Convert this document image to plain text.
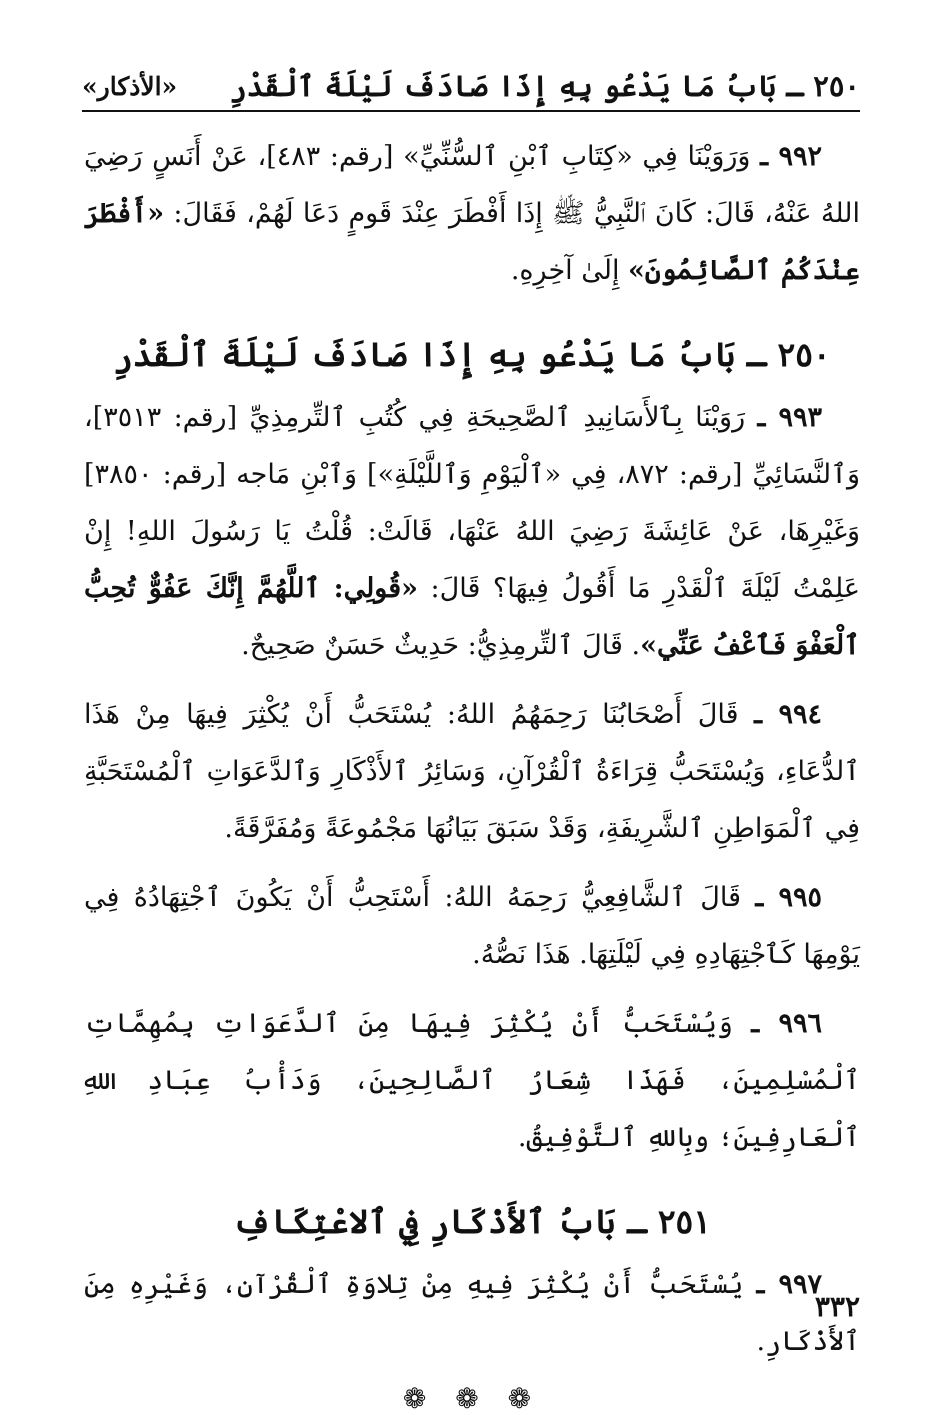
٢٥٠ ـ بَابُ مَا يَدْعُو بِهِ إِذَا صَادَفَ لَيْلَةَ ٱلْقَدْرِ
«الأذكار»

٩٩٢ ـ وَرَوَيْنَا فِي «كِتَابِ ٱبْنِ ٱلسُّنِّيِّ» [رقم: ٤٨٣]، عَنْ أَنَسٍ رَضِيَ اللهُ عَنْهُ، قَالَ: كَانَ ٱلنَّبِيُّ ﷺ إِذَا أَفْطَرَ عِنْدَ قَومٍ دَعَا لَهُمْ، فَقَالَ: «أَفْطَرَ عِنْدَكُمُ ٱلصَّائِمُونَ» إِلَىٰ آخِرِهِ.

٢٥٠ ـ بَابُ مَا يَدْعُو بِهِ إِذَا صَادَفَ لَيْلَةَ ٱلْقَدْرِ

٩٩٣ ـ رَوَيْنَا بِٱلأَسَانِيدِ ٱلصَّحِيحَةِ فِي كُتُبِ ٱلتِّرمِذِيِّ [رقم: ٣٥١٣]، وَٱلنَّسَائِيِّ [رقم: ٨٧٢، فِي «ٱلْيَوْمِ وَٱللَّيْلَةِ»] وَٱبْنِ مَاجه [رقم: ٣٨٥٠] وَغَيْرِهَا، عَنْ عَائِشَةَ رَضِيَ اللهُ عَنْهَا، قَالَتْ: قُلْتُ يَا رَسُولَ اللهِ! إِنْ عَلِمْتُ لَيْلَةَ ٱلْقَدْرِ مَا أَقُولُ فِيهَا؟ قَالَ: «قُولِي: ٱللَّهُمَّ إِنَّكَ عَفُوٌّ تُحِبُّ ٱلْعَفْوَ فَٱعْفُ عَنِّي». قَالَ ٱلتِّرمِذِيُّ: حَدِيثٌ حَسَنٌ صَحِيحٌ.

٩٩٤ ـ قَالَ أَصْحَابُنَا رَحِمَهُمُ اللهُ: يُسْتَحَبُّ أَنْ يُكْثِرَ فِيهَا مِنْ هَذَا ٱلدُّعَاءِ، وَيُسْتَحَبُّ قِرَاءَةُ ٱلْقُرْآنِ، وَسَائِرُ ٱلأَذْكَارِ وَٱلدَّعَوَاتِ ٱلْمُسْتَحَبَّةِ فِي ٱلْمَوَاطِنِ ٱلشَّرِيفَةِ، وَقَدْ سَبَقَ بَيَانُهَا مَجْمُوعَةً وَمُفَرَّقَةً.

٩٩٥ ـ قَالَ ٱلشَّافِعِيُّ رَحِمَهُ اللهُ: أَسْتَحِبُّ أَنْ يَكُونَ ٱجْتِهَادُهُ فِي يَوْمِهَا كَٱجْتِهَادِهِ فِي لَيْلَتِهَا. هَذَا نَصُّهُ.

٩٩٦ ـ وَيُسْتَحَبُّ أَنْ يُكْثِرَ فِيهَا مِنَ ٱلدَّعَوَاتِ بِمُهِمَّاتِ ٱلْمُسْلِمِينَ، فَهَذَا شِعَارُ ٱلصَّالِحِينَ، وَدَأْبُ عِبَادِ اللهِ ٱلْعَارِفِينَ؛ وبِاللهِ ٱلتَّوْفِيقُ.

٢٥١ ـ بَابُ ٱلأَذْكَارِ فِي ٱلاعْتِكَافِ

٩٩٧ ـ يُسْتَحَبُّ أَنْ يُكْثِرَ فِيهِ مِنْ تِلاوَةِ ٱلْقُرْآنِ، وَغَيْرِهِ مِنَ ٱلأَذْكَارِ.

❁ ❁ ❁
٣٣٢
